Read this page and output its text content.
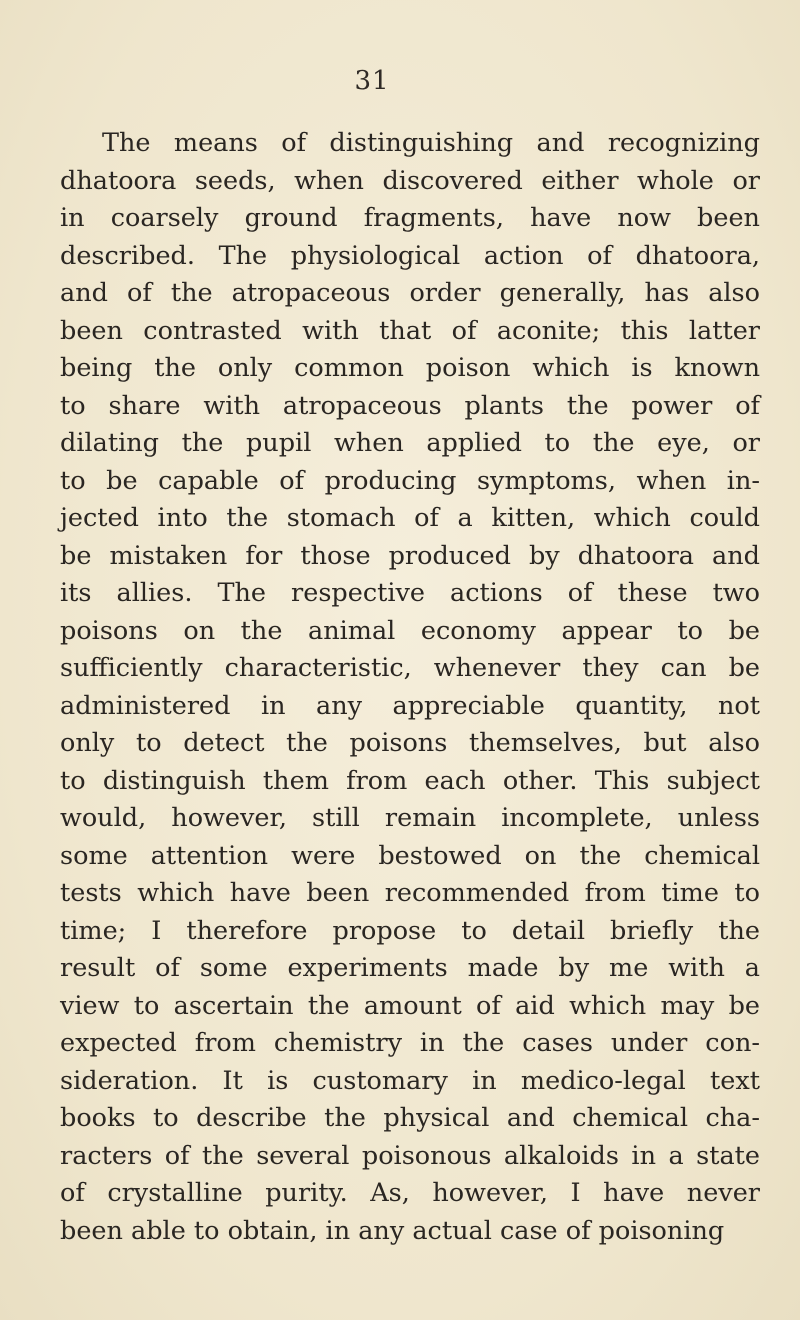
31
The means of distinguishing and recognizing
dhatoora seeds, when discovered either whole or
in coarsely ground fragments, have now been
described. The physiological action of dhatoora,
and of the atropaceous order generally, has also
been contrasted with that of aconite; this latter
being the only common poison which is known
to share with atropaceous plants the power of
dilating the pupil when applied to the eye, or
to be capable of producing symptoms, when in-
jected into the stomach of a kitten, which could
be mistaken for those produced by dhatoora and
its allies. The respective actions of these two
poisons on the animal economy appear to be
sufficiently characteristic, whenever they can be
administered in any appreciable quantity, not
only to detect the poisons themselves, but also
to distinguish them from each other. This subject
would, however, still remain incomplete, unless
some attention were bestowed on the chemical
tests which have been recommended from time to
time; I therefore propose to detail briefly the
result of some experiments made by me with a
view to ascertain the amount of aid which may be
expected from chemistry in the cases under con-
sideration. It is customary in medico-legal text
books to describe the physical and chemical cha-
racters of the several poisonous alkaloids in a state
of crystalline purity. As, however, I have never
been able to obtain, in any actual case of poisoning
